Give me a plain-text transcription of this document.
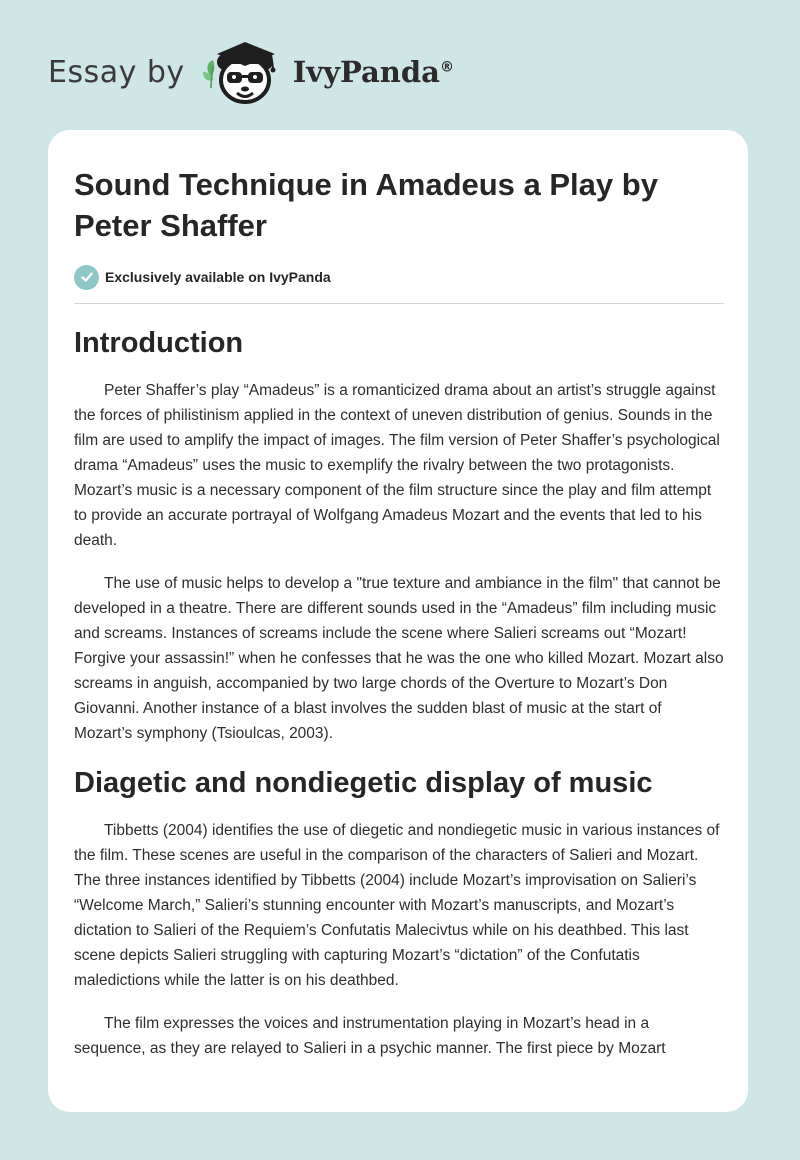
Essay by	IvyPanda®
Sound Technique in Amadeus a Play by Peter Shaffer
Exclusively available on IvyPanda
Introduction

Peter Shaffer’s play “Amadeus” is a romanticized drama about an artist’s struggle against the forces of philistinism applied in the context of uneven distribution of genius. Sounds in the film are used to amplify the impact of images. The film version of Peter Shaffer’s psychological drama “Amadeus” uses the music to exemplify the rivalry between the two protagonists. Mozart’s music is a necessary component of the film structure since the play and film attempt to provide an accurate portrayal of Wolfgang Amadeus Mozart and the events that led to his death.

The use of music helps to develop a "true texture and ambiance in the film" that cannot be developed in a theatre. There are different sounds used in the “Amadeus” film including music and screams. Instances of screams include the scene where Salieri screams out “Mozart! Forgive your assassin!” when he confesses that he was the one who killed Mozart. Mozart also screams in anguish, accompanied by two large chords of the Overture to Mozart’s Don Giovanni. Another instance of a blast involves the sudden blast of music at the start of Mozart’s symphony (Tsioulcas, 2003).

Diagetic and nondiegetic display of music

Tibbetts (2004) identifies the use of diegetic and nondiegetic music in various instances of the film. These scenes are useful in the comparison of the characters of Salieri and Mozart. The three instances identified by Tibbetts (2004) include Mozart’s improvisation on Salieri’s “Welcome March,” Salieri’s stunning encounter with Mozart’s manuscripts, and Mozart’s dictation to Salieri of the Requiem’s Confutatis Malecivtus while on his deathbed. This last scene depicts Salieri struggling with capturing Mozart’s “dictation” of the Confutatis maledictions while the latter is on his deathbed.

The film expresses the voices and instrumentation playing in Mozart’s head in a sequence, as they are relayed to Salieri in a psychic manner. The first piece by Mozart
